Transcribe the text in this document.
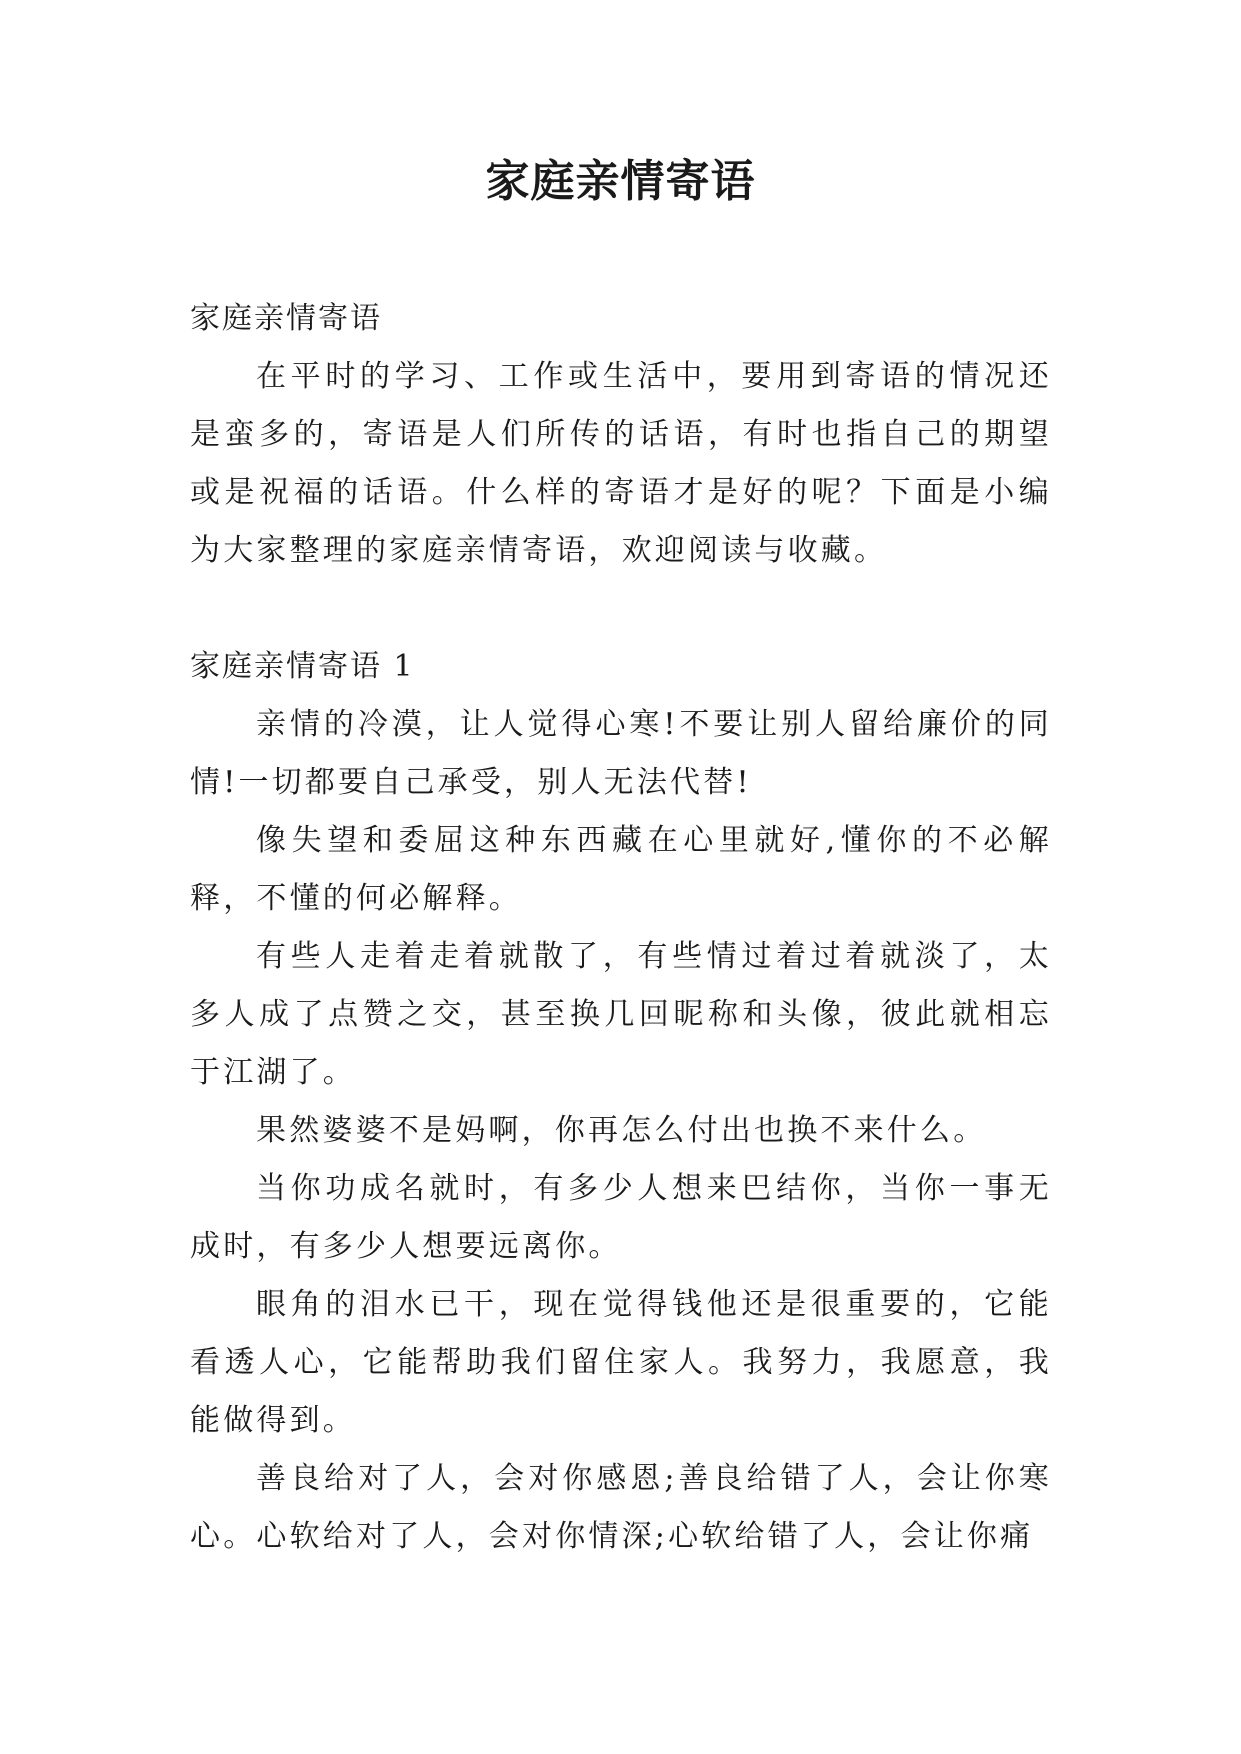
家庭亲情寄语

家庭亲情寄语

在平时的学习、工作或生活中，要用到寄语的情况还是蛮多的，寄语是人们所传的话语，有时也指自己的期望或是祝福的话语。什么样的寄语才是好的呢？下面是小编为大家整理的家庭亲情寄语，欢迎阅读与收藏。

家庭亲情寄语 1

亲情的冷漠，让人觉得心寒!不要让别人留给廉价的同情!一切都要自己承受，别人无法代替!

像失望和委屈这种东西藏在心里就好,懂你的不必解释，不懂的何必解释。

有些人走着走着就散了，有些情过着过着就淡了，太多人成了点赞之交，甚至换几回昵称和头像，彼此就相忘于江湖了。

果然婆婆不是妈啊，你再怎么付出也换不来什么。

当你功成名就时，有多少人想来巴结你，当你一事无成时，有多少人想要远离你。

眼角的泪水已干，现在觉得钱他还是很重要的，它能看透人心，它能帮助我们留住家人。我努力，我愿意，我能做得到。

善良给对了人，会对你感恩;善良给错了人，会让你寒心。心软给对了人，会对你情深;心软给错了人，会让你痛
